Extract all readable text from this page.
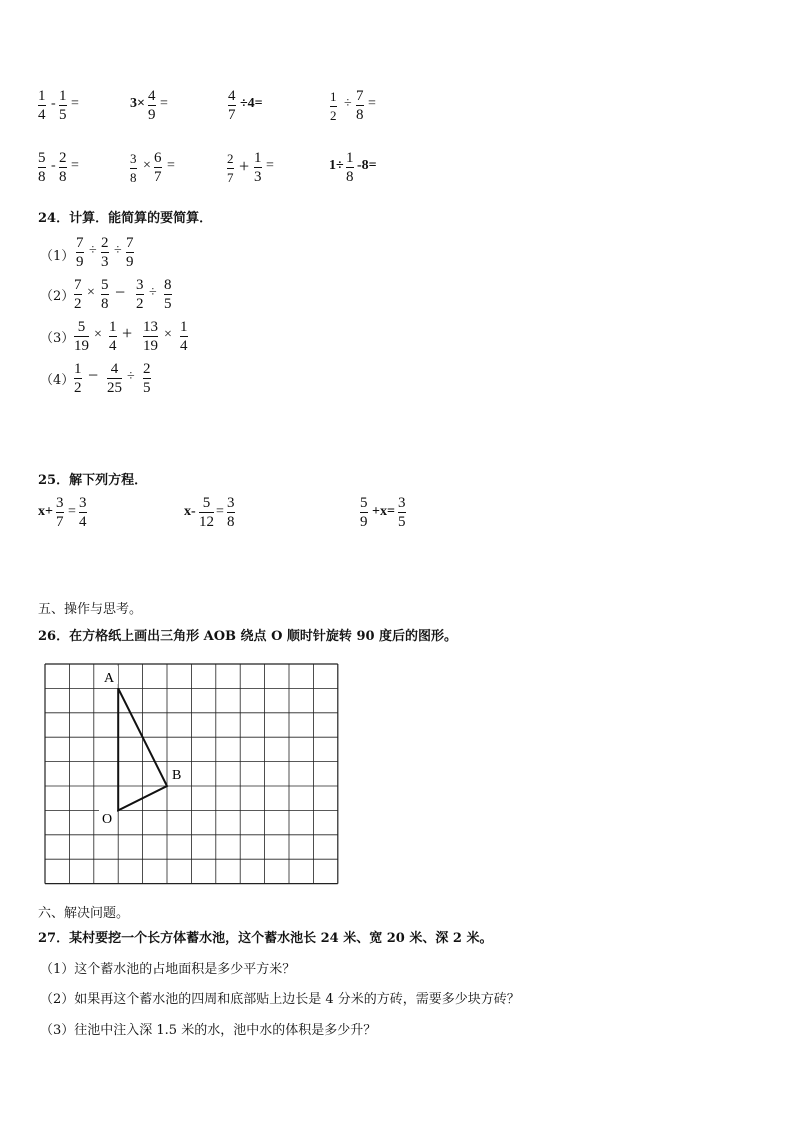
1
4
- 1
5
=	3× 4
9
=	4
7
÷4=	1
2
÷ 7
8
=
5
8
- 2
8
=	3
8
× 6
7
=	2
7
+ 1
3
=	1÷ 1
8
-8=
24．计算．能简算的要简算．
（1）
7
9
÷ 2
3
÷ 7
9
（2）
7
2
× 5
8
− 3
2
÷ 8
5
（3）
5
19
× 1
4
+ 13
19
× 1
4
（4）
1
2
− 4
25
÷ 2
5
25．解下列方程．
x+
3
7
=
3
4
x-
5
12
=
3
8
5
9
+x=
3
5
五、操作与思考。
26．在方格纸上画出三角形 AOB 绕点 O 顺时针旋转 90 度后的图形。
A
B
O
六、解决问题。
27．某村要挖一个长方体蓄水池，这个蓄水池长 24 米、宽 20 米、深 2 米。
（1）这个蓄水池的占地面积是多少平方米？
（2）如果再这个蓄水池的四周和底部贴上边长是 4 分米的方砖，需要多少块方砖？
（3）往池中注入深 1.5 米的水，池中水的体积是多少升？
